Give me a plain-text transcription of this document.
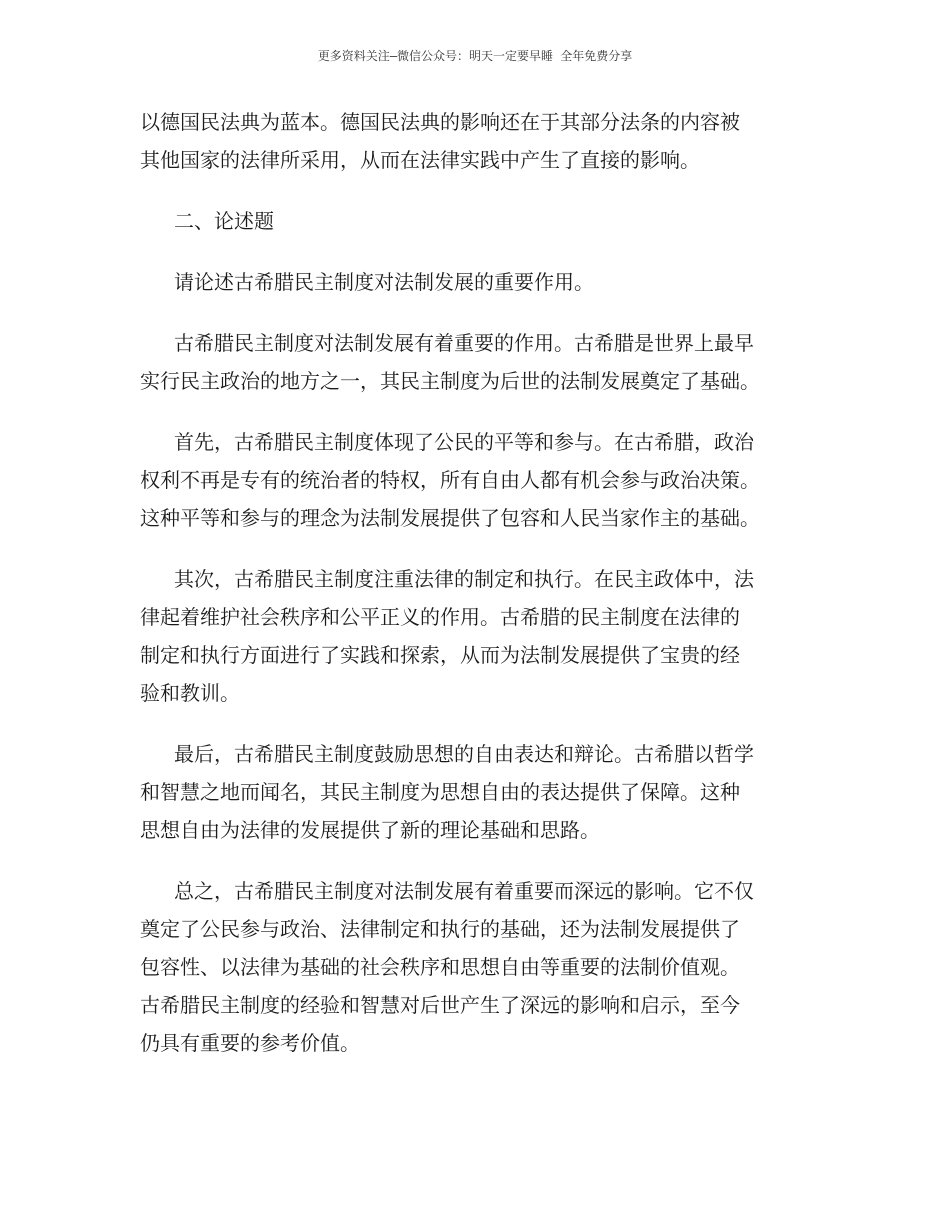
更多资料关注–微信公众号：明天一定要早睡 全年免费分享

以德国民法典为蓝本。德国民法典的影响还在于其部分法条的内容被
其他国家的法律所采用，从而在法律实践中产生了直接的影响。

二、论述题

请论述古希腊民主制度对法制发展的重要作用。

古希腊民主制度对法制发展有着重要的作用。古希腊是世界上最早
实行民主政治的地方之一，其民主制度为后世的法制发展奠定了基础。

首先，古希腊民主制度体现了公民的平等和参与。在古希腊，政治
权利不再是专有的统治者的特权，所有自由人都有机会参与政治决策。
这种平等和参与的理念为法制发展提供了包容和人民当家作主的基础。

其次，古希腊民主制度注重法律的制定和执行。在民主政体中，法
律起着维护社会秩序和公平正义的作用。古希腊的民主制度在法律的
制定和执行方面进行了实践和探索，从而为法制发展提供了宝贵的经
验和教训。

最后，古希腊民主制度鼓励思想的自由表达和辩论。古希腊以哲学
和智慧之地而闻名，其民主制度为思想自由的表达提供了保障。这种
思想自由为法律的发展提供了新的理论基础和思路。

总之，古希腊民主制度对法制发展有着重要而深远的影响。它不仅
奠定了公民参与政治、法律制定和执行的基础，还为法制发展提供了
包容性、以法律为基础的社会秩序和思想自由等重要的法制价值观。
古希腊民主制度的经验和智慧对后世产生了深远的影响和启示，至今
仍具有重要的参考价值。
